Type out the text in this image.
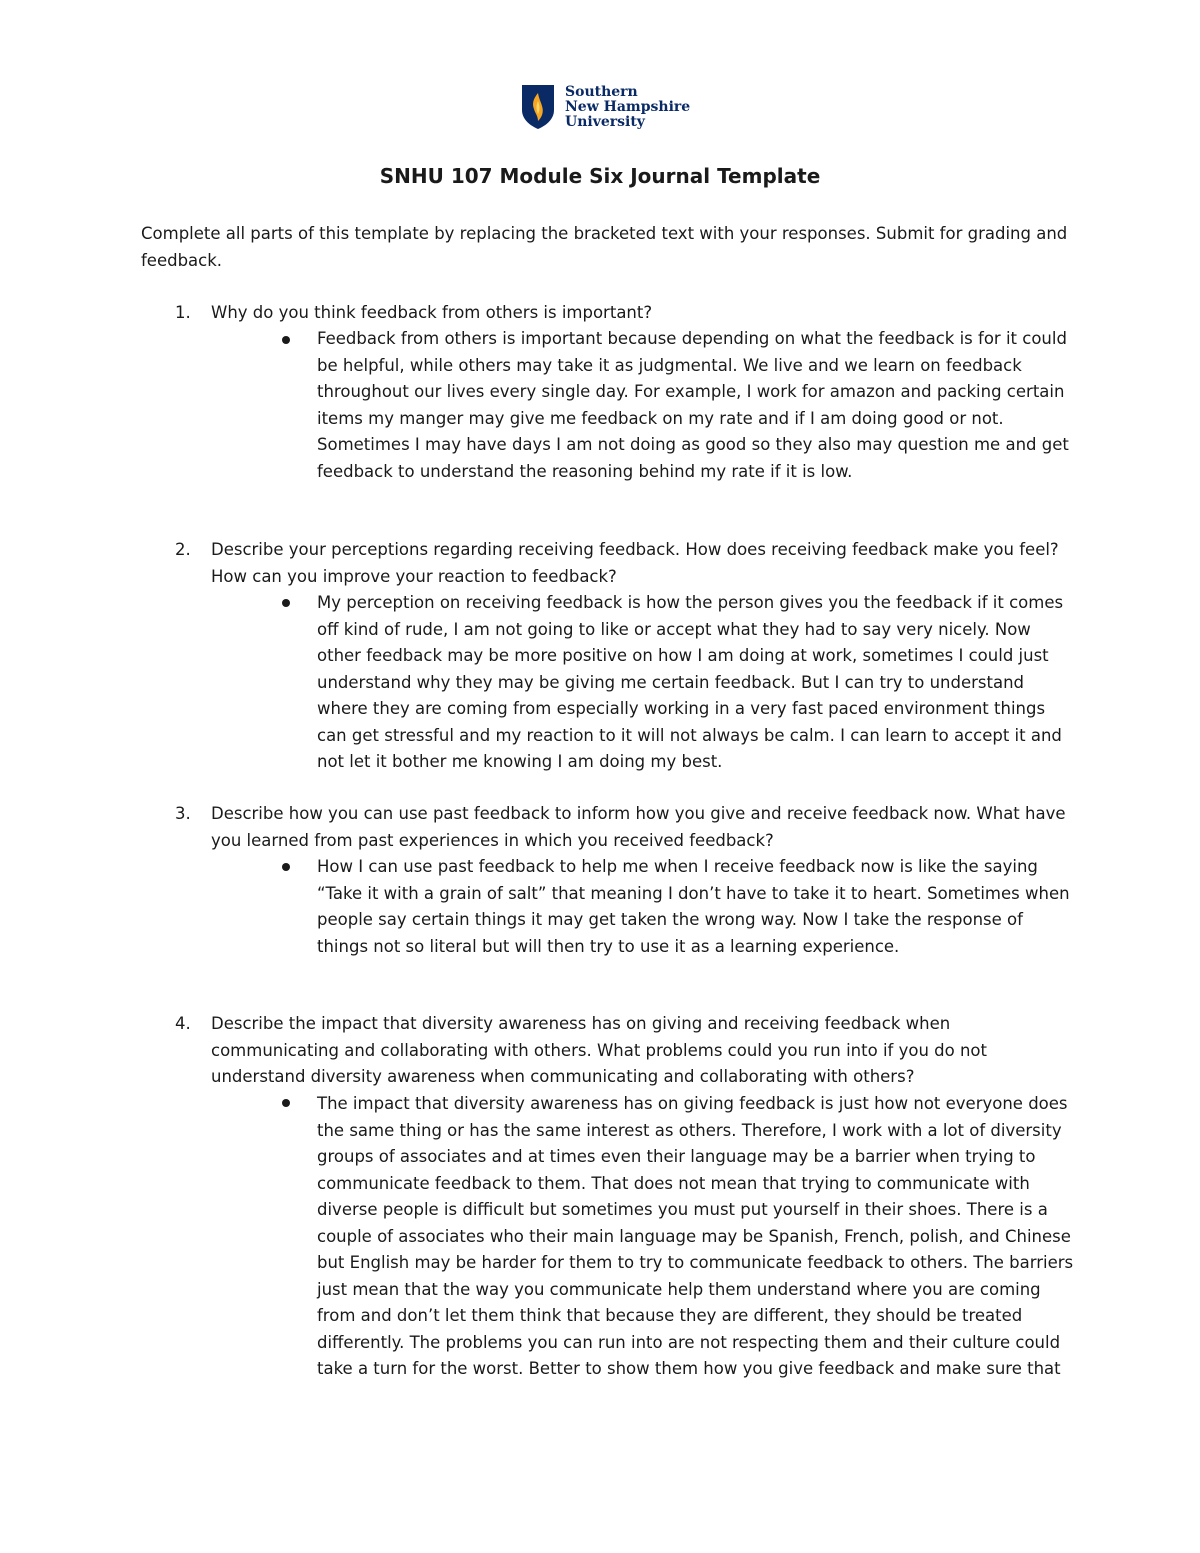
Southern
New Hampshire
University
SNHU 107 Module Six Journal Template

Complete all parts of this template by replacing the bracketed text with your responses. Submit for grading and feedback.

1. Why do you think feedback from others is important?

Feedback from others is important because depending on what the feedback is for it could be helpful, while others may take it as judgmental. We live and we learn on feedback throughout our lives every single day. For example, I work for amazon and packing certain items my manger may give me feedback on my rate and if I am doing good or not. Sometimes I may have days I am not doing as good so they also may question me and get feedback to understand the reasoning behind my rate if it is low.

2. Describe your perceptions regarding receiving feedback. How does receiving feedback make you feel? How can you improve your reaction to feedback?

My perception on receiving feedback is how the person gives you the feedback if it comes off kind of rude, I am not going to like or accept what they had to say very nicely. Now other feedback may be more positive on how I am doing at work, sometimes I could just understand why they may be giving me certain feedback. But I can try to understand where they are coming from especially working in a very fast paced environment things can get stressful and my reaction to it will not always be calm. I can learn to accept it and not let it bother me knowing I am doing my best.

3. Describe how you can use past feedback to inform how you give and receive feedback now. What have you learned from past experiences in which you received feedback?

How I can use past feedback to help me when I receive feedback now is like the saying “Take it with a grain of salt” that meaning I don’t have to take it to heart. Sometimes when people say certain things it may get taken the wrong way. Now I take the response of things not so literal but will then try to use it as a learning experience.

4. Describe the impact that diversity awareness has on giving and receiving feedback when communicating and collaborating with others. What problems could you run into if you do not understand diversity awareness when communicating and collaborating with others?

The impact that diversity awareness has on giving feedback is just how not everyone does the same thing or has the same interest as others. Therefore, I work with a lot of diversity groups of associates and at times even their language may be a barrier when trying to communicate feedback to them. That does not mean that trying to communicate with diverse people is difficult but sometimes you must put yourself in their shoes. There is a couple of associates who their main language may be Spanish, French, polish, and Chinese but English may be harder for them to try to communicate feedback to others. The barriers just mean that the way you communicate help them understand where you are coming from and don’t let them think that because they are different, they should be treated differently. The problems you can run into are not respecting them and their culture could take a turn for the worst. Better to show them how you give feedback and make sure that
